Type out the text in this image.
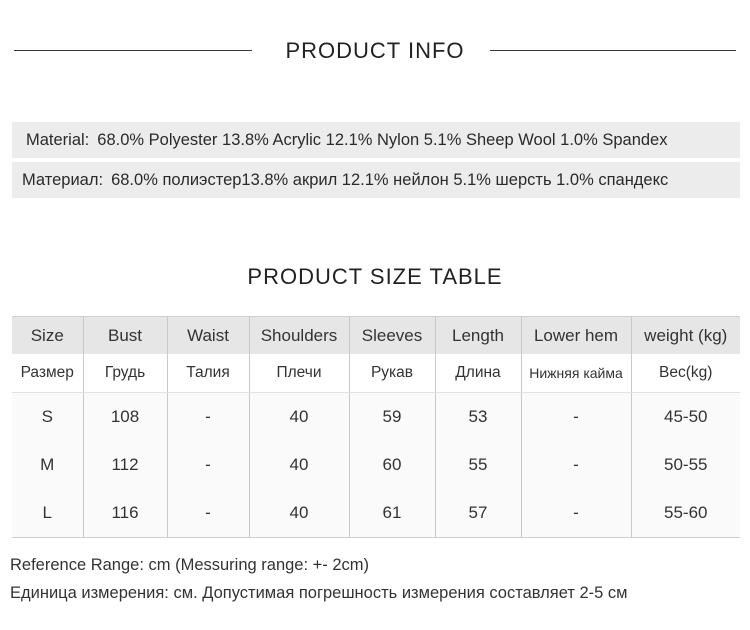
PRODUCT INFO
Material: 68.0% Polyester 13.8% Acrylic 12.1% Nylon 5.1% Sheep Wool 1.0% Spandex
Материал: 68.0% полиэстер13.8% акрил 12.1% нейлон 5.1% шерсть 1.0% спандекс
PRODUCT SIZE TABLE
Size	Bust	Waist	Shoulders	Sleeves	Length	Lower hem	weight (kg)
Размер	Грудь	Талия	Плечи	Рукав	Длина	Нижняя кайма	Вес(kg)
S	108	-	40	59	53	-	45-50
M	112	-	40	60	55	-	50-55
L	116	-	40	61	57	-	55-60
Reference Range: cm (Messuring range: +- 2cm)
Единица измерения: см. Допустимая погрешность измерения составляет 2-5 см
